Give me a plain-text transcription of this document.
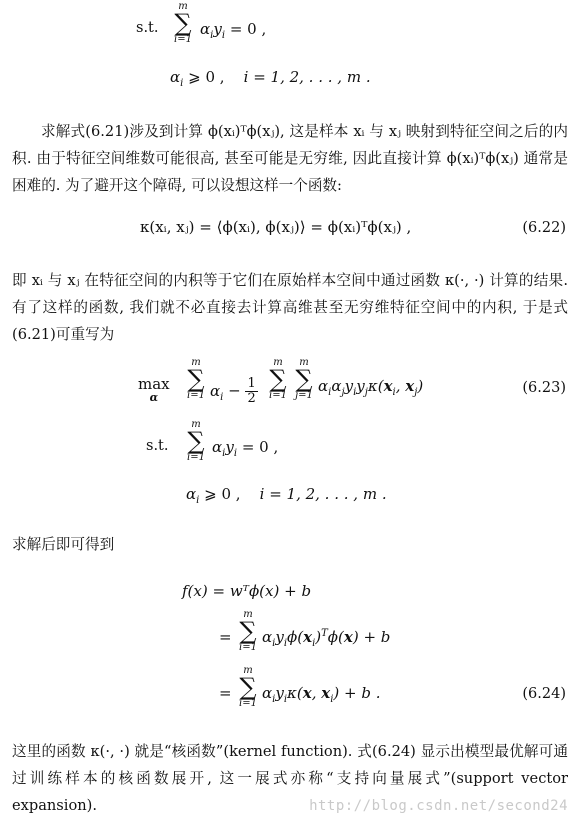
s.t.
m
∑
i=1
$\alpha_iy_i = 0$ ,
$\alpha_i$ ⩾ 0 , i = 1, 2, . . . , m .

求解式(6.21)涉及到计算 ϕ(xᵢ)ᵀϕ(xⱼ), 这是样本 xᵢ 与 xⱼ 映射到特征空间之后的内积. 由于特征空间维数可能很高, 甚至可能是无穷维, 因此直接计算 ϕ(xᵢ)ᵀϕ(xⱼ) 通常是困难的. 为了避开这个障碍, 可以设想这样一个函数:

κ(xᵢ, xⱼ) = ⟨ϕ(xᵢ), ϕ(xⱼ)⟩ = ϕ(xᵢ)ᵀϕ(xⱼ) ,	(6.22)

即 xᵢ 与 xⱼ 在特征空间的内积等于它们在原始样本空间中通过函数 κ(·, ·) 计算的结果. 有了这样的函数, 我们就不必直接去计算高维甚至无穷维特征空间中的内积, 于是式(6.21)可重写为

max
α
m
∑
i=1 $\alpha_i - \frac{1}{2}$
m
∑
i=1
m
∑
j=1
$\alpha_i\alpha_jy_iy_j\kappa(x_i$, $x_j$)	(6.23)
s.t.
m
∑
i=1
$\alpha_iy_i = 0$ ,
$\alpha_i$ ⩾ 0 , i = 1, 2, . . . , m .

求解后即可得到

f(x) = wᵀϕ(x) + b
=
m
∑
i=1
$\alpha_iy_i\phi(x_i)^T\phi(x) + b$
=
m
∑
i=1
$\alpha_iy_i\kappa(x$, $x_i) + b$ .	(6.24)

这里的函数 κ(·, ·) 就是“核函数”(kernel function). 式(6.24) 显示出模型最优解可通过训练样本的核函数展开, 这一展式亦称“支持向量展式”(support vector expansion).	http://blog.csdn.net/second24
